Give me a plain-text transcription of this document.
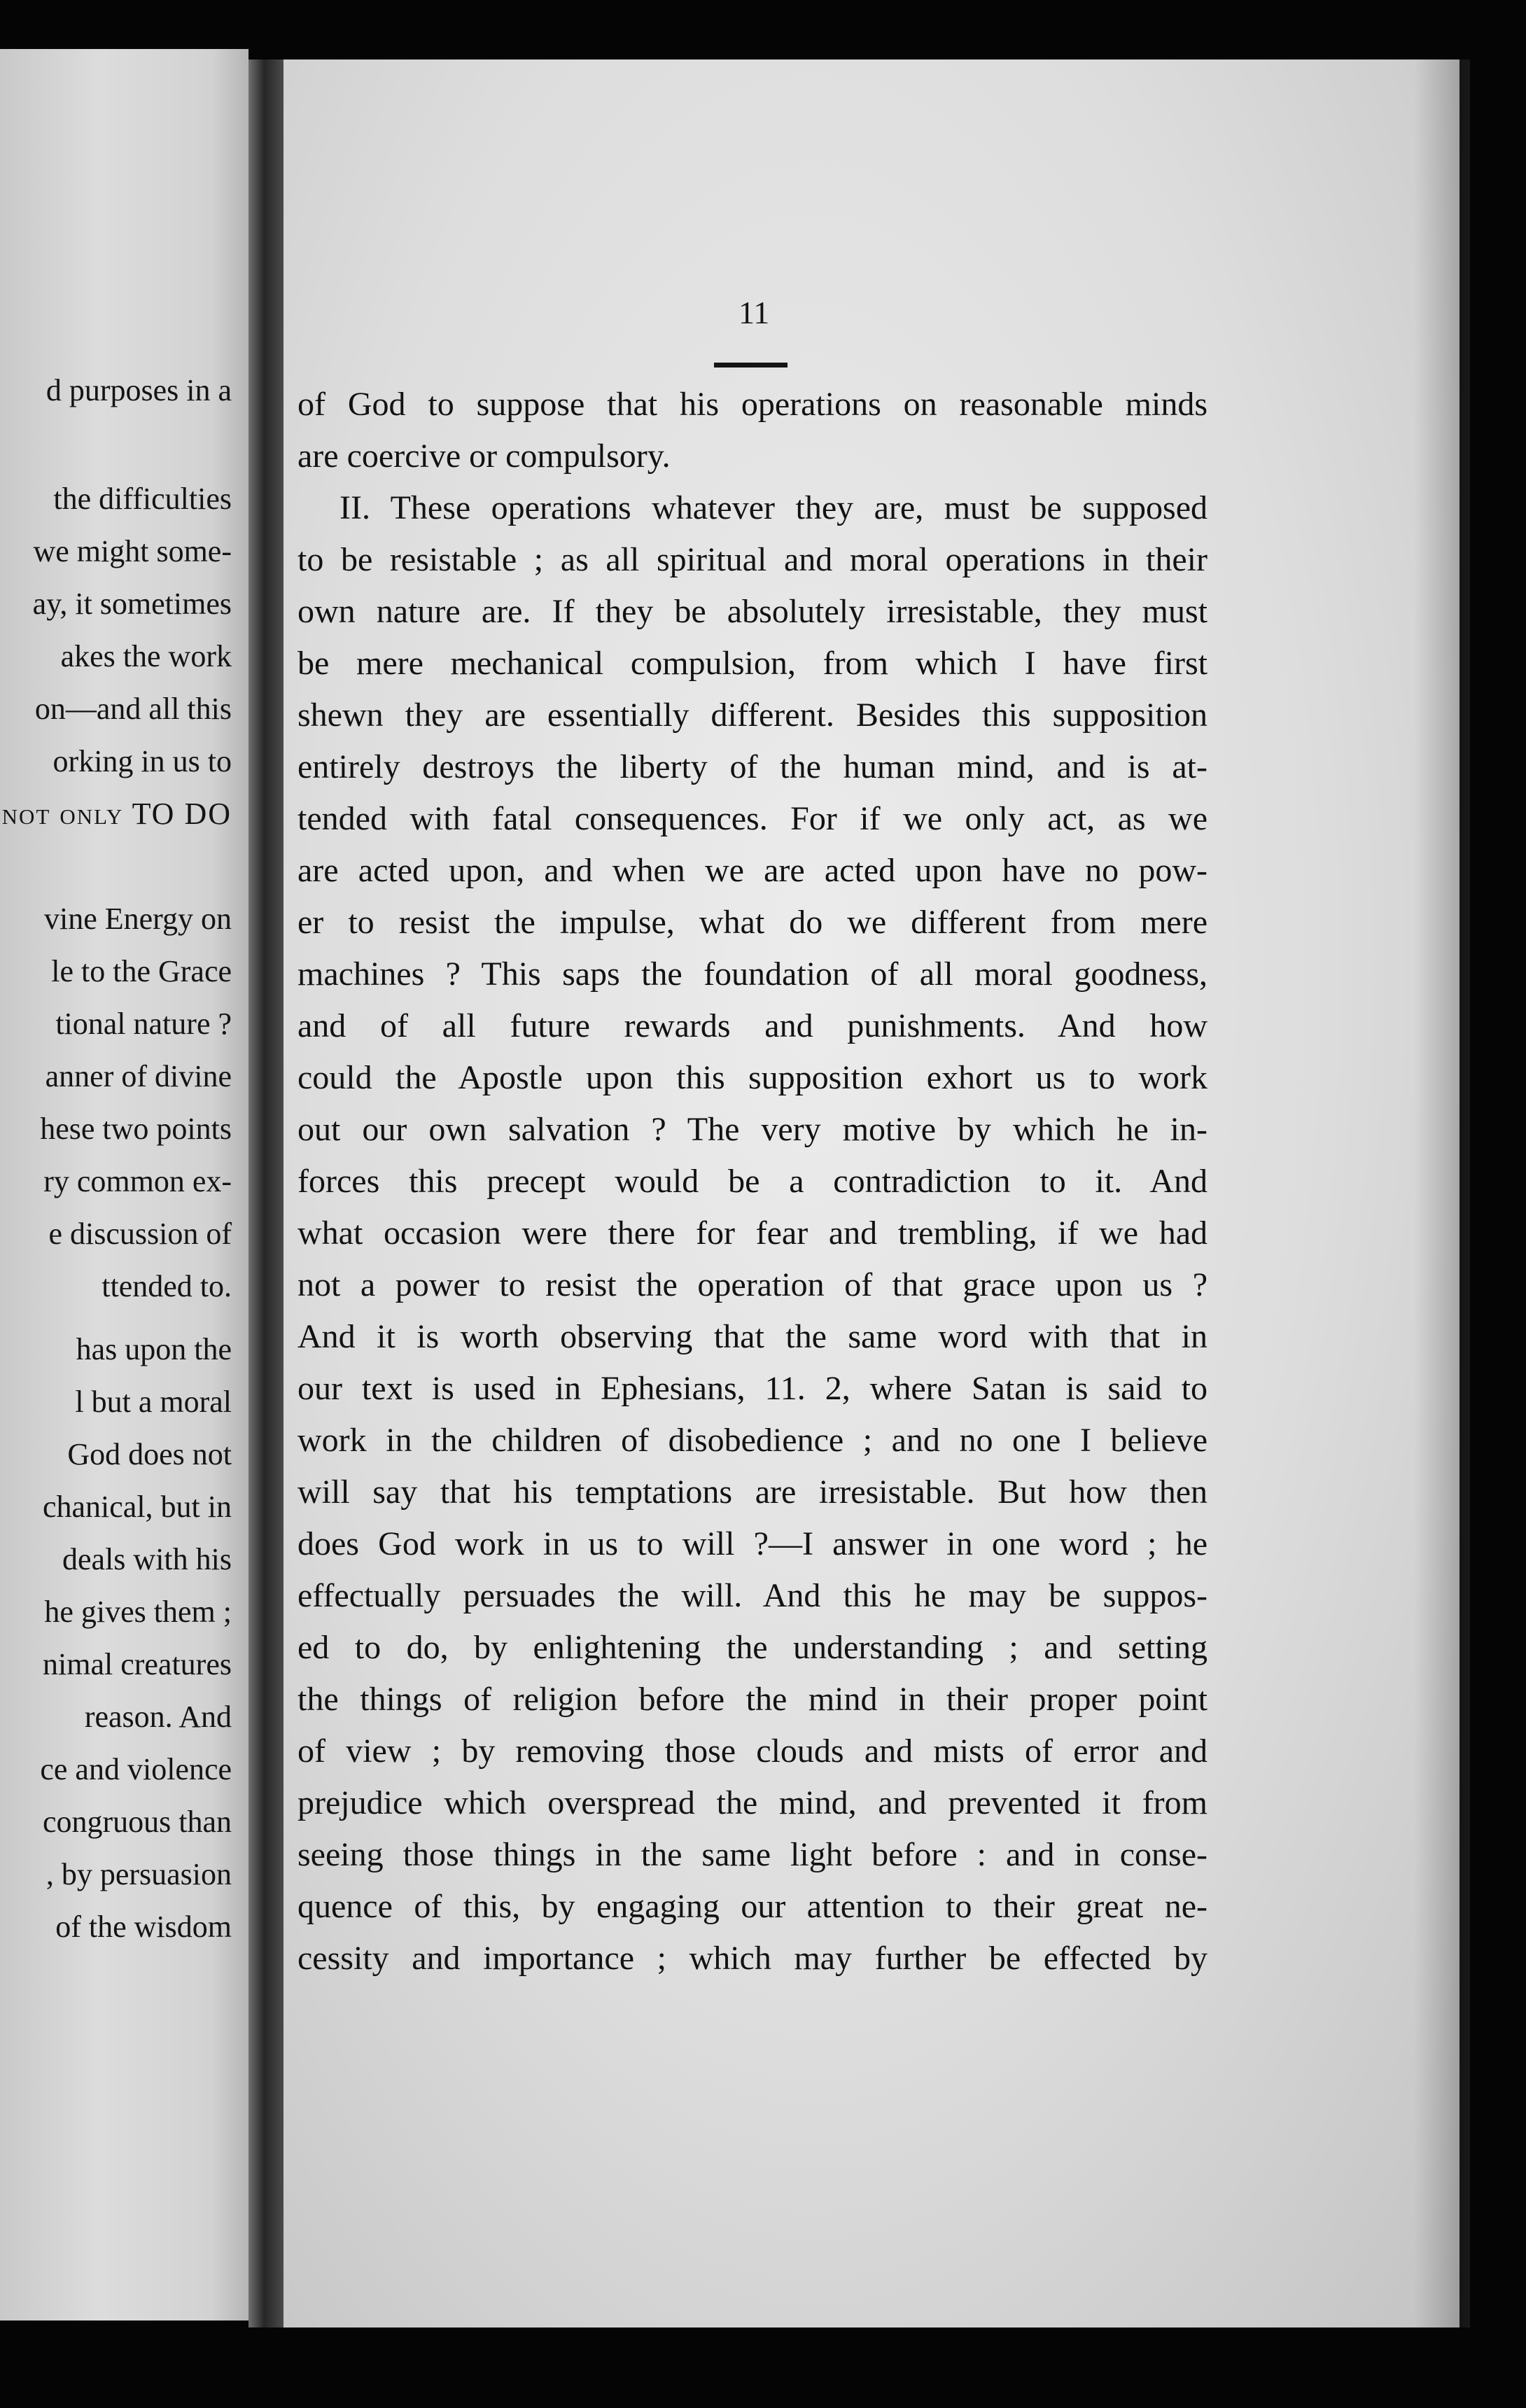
d purposes in a
the difficulties
we might some-
ay, it sometimes
akes the work
on—and all this
orking in us to
not only TO DO
vine Energy on
le to the Grace
tional nature ?
anner of divine
hese two points
ry common ex-
e discussion of
ttended to.
has upon the
l but a moral
God does not
chanical, but in
deals with his
he gives them ;
nimal creatures
reason. And
ce and violence
congruous than
, by persuasion
of the wisdom
11
of God to suppose that his operations on reasonable minds
are coercive or compulsory.
II. These operations whatever they are, must be supposed
to be resistable ; as all spiritual and moral operations in their
own nature are. If they be absolutely irresistable, they must
be mere mechanical compulsion, from which I have first
shewn they are essentially different. Besides this supposition
entirely destroys the liberty of the human mind, and is at-
tended with fatal consequences. For if we only act, as we
are acted upon, and when we are acted upon have no pow-
er to resist the impulse, what do we different from mere
machines ? This saps the foundation of all moral goodness,
and of all future rewards and punishments. And how
could the Apostle upon this supposition exhort us to work
out our own salvation ? The very motive by which he in-
forces this precept would be a contradiction to it. And
what occasion were there for fear and trembling, if we had
not a power to resist the operation of that grace upon us ?
And it is worth observing that the same word with that in
our text is used in Ephesians, 11. 2, where Satan is said to
work in the children of disobedience ; and no one I believe
will say that his temptations are irresistable. But how then
does God work in us to will ?—I answer in one word ; he
effectually persuades the will. And this he may be suppos-
ed to do, by enlightening the understanding ; and setting
the things of religion before the mind in their proper point
of view ; by removing those clouds and mists of error and
prejudice which overspread the mind, and prevented it from
seeing those things in the same light before : and in conse-
quence of this, by engaging our attention to their great ne-
cessity and importance ; which may further be effected by
